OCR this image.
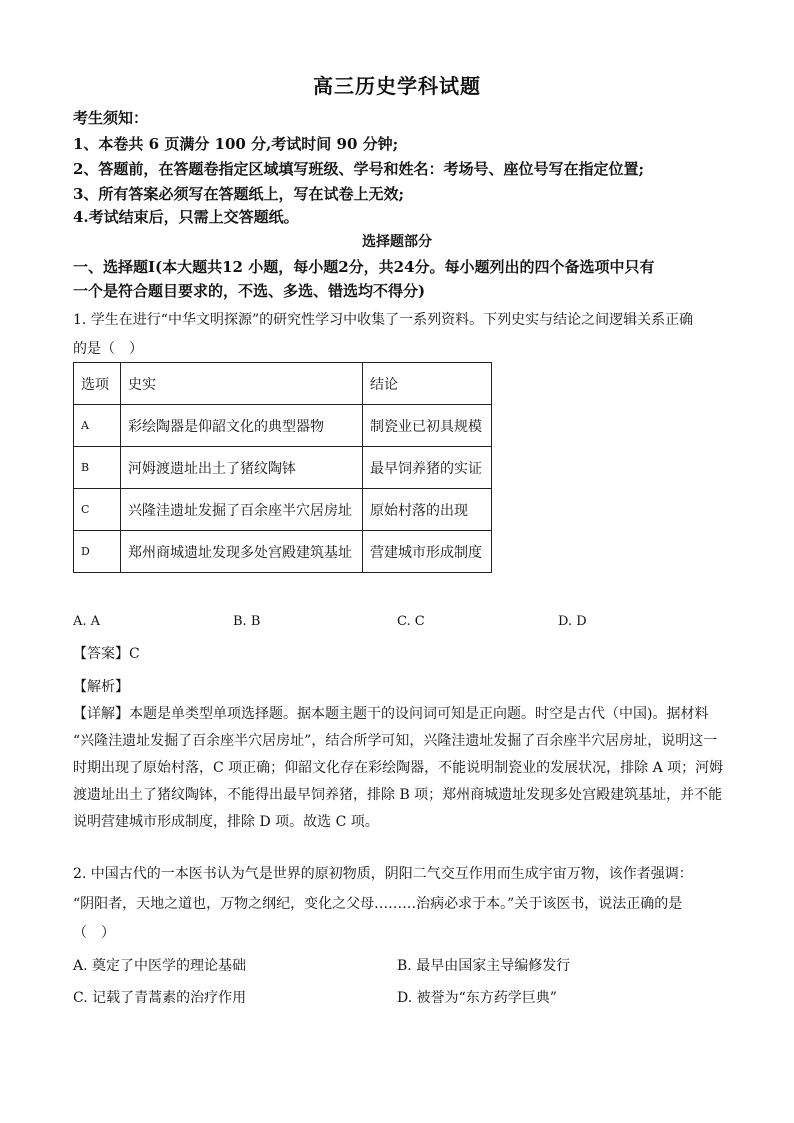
高三历史学科试题
考生须知：
1、本卷共 6 页满分 100 分,考试时间 90 分钟;
2、答题前，在答题卷指定区域填写班级、学号和姓名：考场号、座位号写在指定位置;
3、所有答案必须写在答题纸上，写在试卷上无效;
4.考试结束后，只需上交答题纸。
选择题部分
一、选择题Ⅰ(本大题共12 小题，每小题2分，共24分。每小题列出的四个备选项中只有
一个是符合题目要求的，不选、多选、错选均不得分)
1. 学生在进行“中华文明探源”的研究性学习中收集了一系列资料。下列史实与结论之间逻辑关系正确
的是（　）
选项	史实	结论
A	彩绘陶器是仰韶文化的典型器物	制瓷业已初具规模
B	河姆渡遗址出土了猪纹陶钵	最早饲养猪的实证
C	兴隆洼遗址发掘了百余座半穴居房址	原始村落的出现
D	郑州商城遗址发现多处宫殿建筑基址	营建城市形成制度
A. A	B. B	C. C	D. D
【答案】C
【解析】
【详解】本题是单类型单项选择题。据本题主题干的设问词可知是正向题。时空是古代（中国)。据材料
“兴隆洼遗址发掘了百余座半穴居房址”，结合所学可知，兴隆洼遗址发掘了百余座半穴居房址，说明这一
时期出现了原始村落，C 项正确；仰韶文化存在彩绘陶器，不能说明制瓷业的发展状况，排除 A 项；河姆
渡遗址出土了猪纹陶钵，不能得出最早饲养猪，排除 B 项；郑州商城遗址发现多处宫殿建筑基址，并不能
说明营建城市形成制度，排除 D 项。故选 C 项。
2. 中国古代的一本医书认为气是世界的原初物质，阴阳二气交互作用而生成宇宙万物，该作者强调：
“阴阳者，天地之道也，万物之纲纪，变化之父母………治病必求于本。”关于该医书，说法正确的是
（　）
A. 奠定了中医学的理论基础	B. 最早由国家主导编修发行
C. 记载了青蒿素的治疗作用	D. 被誉为“东方药学巨典”
